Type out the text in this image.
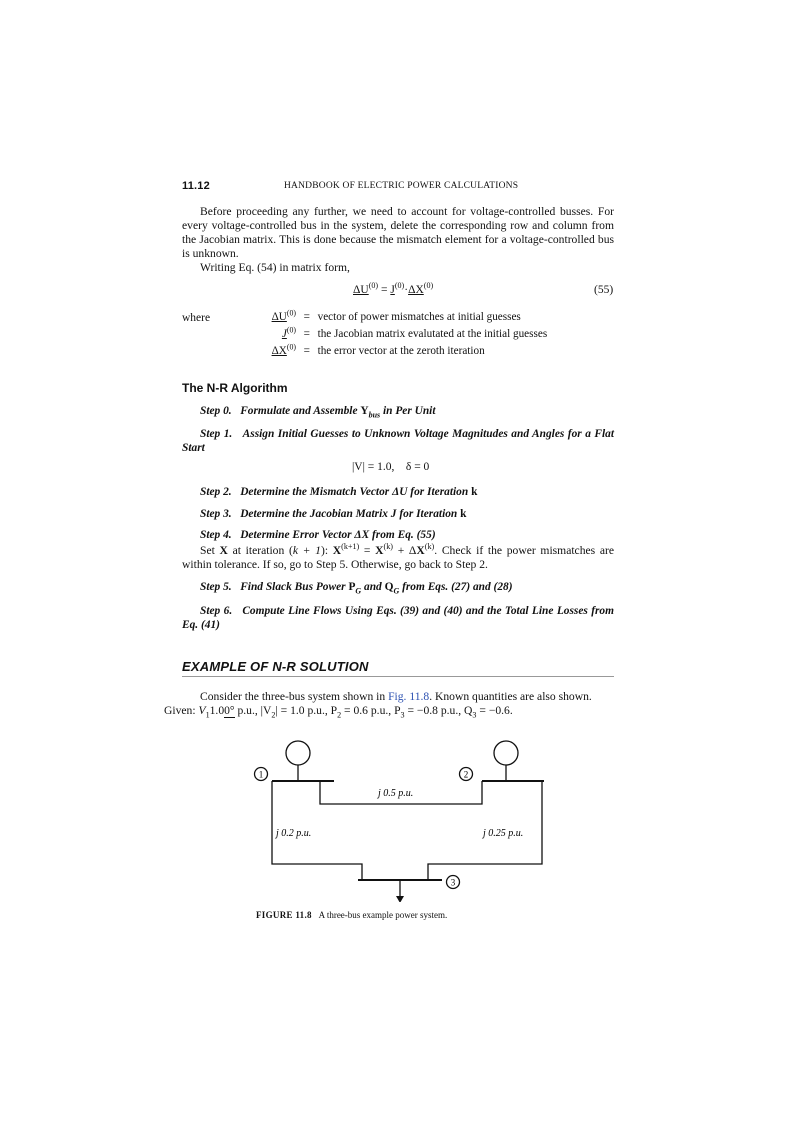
11.12	HANDBOOK OF ELECTRIC POWER CALCULATIONS

Before proceeding any further, we need to account for voltage-controlled busses. For every voltage-controlled bus in the system, delete the corresponding row and column from the Jacobian matrix. This is done because the mismatch element for a voltage-controlled bus is unknown.

Writing Eq. (54) in matrix form,

$\Delta U^{(0)} = J^{(0)}\cdot\Delta X^{(0)}$	(55)
where	$\Delta U^{(0)}$ = vector of power mismatches at initial guesses
$J^{(0)}$ = the Jacobian matrix evalutated at the initial guesses
$\Delta X^{(0)}$ = the error vector at the zeroth iteration
The N-R Algorithm
Step 0. Formulate and Assemble $Y_{bus}$ in Per Unit
Step 1. Assign Initial Guesses to Unknown Voltage Magnitudes and Angles for a Flat Start
|V| = 1.0, δ = 0
Step 2. Determine the Mismatch Vector ΔU for Iteration k
Step 3. Determine the Jacobian Matrix J for Iteration k
Step 4. Determine Error Vector ΔX from Eq. (55)

Set X at iteration (k + 1): $X^{(k+1)} = X^{(k)} + \Delta X^{(k)}$. Check if the power mismatches are within tolerance. If so, go to Step 5. Otherwise, go back to Step 2.

Step 5. Find Slack Bus Power $P_G$ and $Q_G$ from Eqs. (27) and (28)
Step 6. Compute Line Flows Using Eqs. (39) and (40) and the Total Line Losses from Eq. (41)
EXAMPLE OF N-R SOLUTION

Consider the three-bus system shown in Fig. 11.8. Known quantities are also shown.
Given: $V_11.00^\circ$ p.u., $|V_2| = 1.0$ p.u., $P_2 = 0.6$ p.u., $P_3 = -0.8$ p.u., $Q_3 = -0.6$.

1	2
3
j 0.5 p.u.
j 0.2 p.u.	j 0.25 p.u.
FIGURE 11.8 A three-bus example power system.
